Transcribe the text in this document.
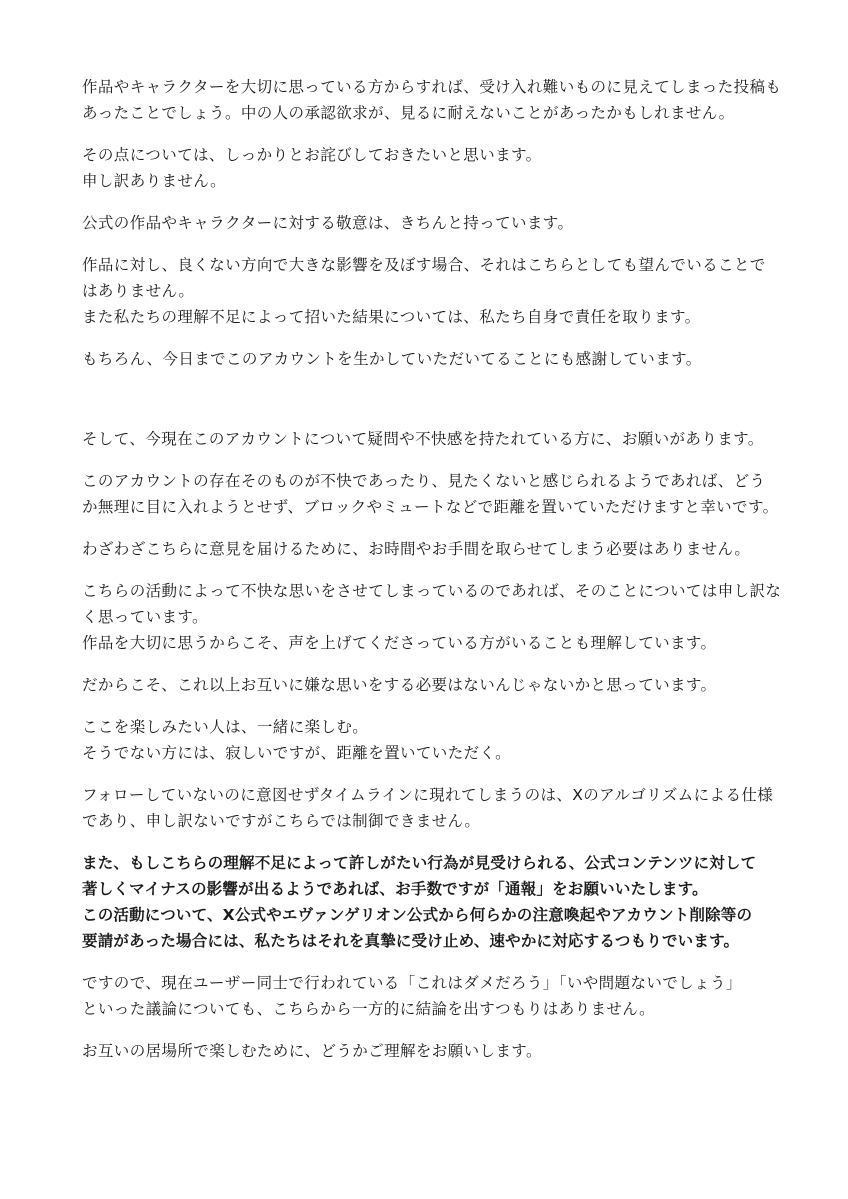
作品やキャラクターを大切に思っている方からすれば、受け入れ難いものに見えてしまった投稿も
あったことでしょう。中の人の承認欲求が、見るに耐えないことがあったかもしれません。

その点については、しっかりとお詫びしておきたいと思います。
申し訳ありません。

公式の作品やキャラクターに対する敬意は、きちんと持っています。

作品に対し、良くない方向で大きな影響を及ぼす場合、それはこちらとしても望んでいることで
はありません。
また私たちの理解不足によって招いた結果については、私たち自身で責任を取ります。

もちろん、今日までこのアカウントを生かしていただいてることにも感謝しています。

そして、今現在このアカウントについて疑問や不快感を持たれている方に、お願いがあります。

このアカウントの存在そのものが不快であったり、見たくないと感じられるようであれば、どう
か無理に目に入れようとせず、ブロックやミュートなどで距離を置いていただけますと幸いです。

わざわざこちらに意見を届けるために、お時間やお手間を取らせてしまう必要はありません。

こちらの活動によって不快な思いをさせてしまっているのであれば、そのことについては申し訳な
く思っています。
作品を大切に思うからこそ、声を上げてくださっている方がいることも理解しています。

だからこそ、これ以上お互いに嫌な思いをする必要はないんじゃないかと思っています。

ここを楽しみたい人は、一緒に楽しむ。
そうでない方には、寂しいですが、距離を置いていただく。

フォローしていないのに意図せずタイムラインに現れてしまうのは、Xのアルゴリズムによる仕様
であり、申し訳ないですがこちらでは制御できません。

また、もしこちらの理解不足によって許しがたい行為が見受けられる、公式コンテンツに対して
著しくマイナスの影響が出るようであれば、お手数ですが「通報」をお願いいたします。
この活動について、X公式やエヴァンゲリオン公式から何らかの注意喚起やアカウント削除等の
要請があった場合には、私たちはそれを真摯に受け止め、速やかに対応するつもりでいます。

ですので、現在ユーザー同士で行われている「これはダメだろう」「いや問題ないでしょう」
といった議論についても、こちらから一方的に結論を出すつもりはありません。

お互いの居場所で楽しむために、どうかご理解をお願いします。
